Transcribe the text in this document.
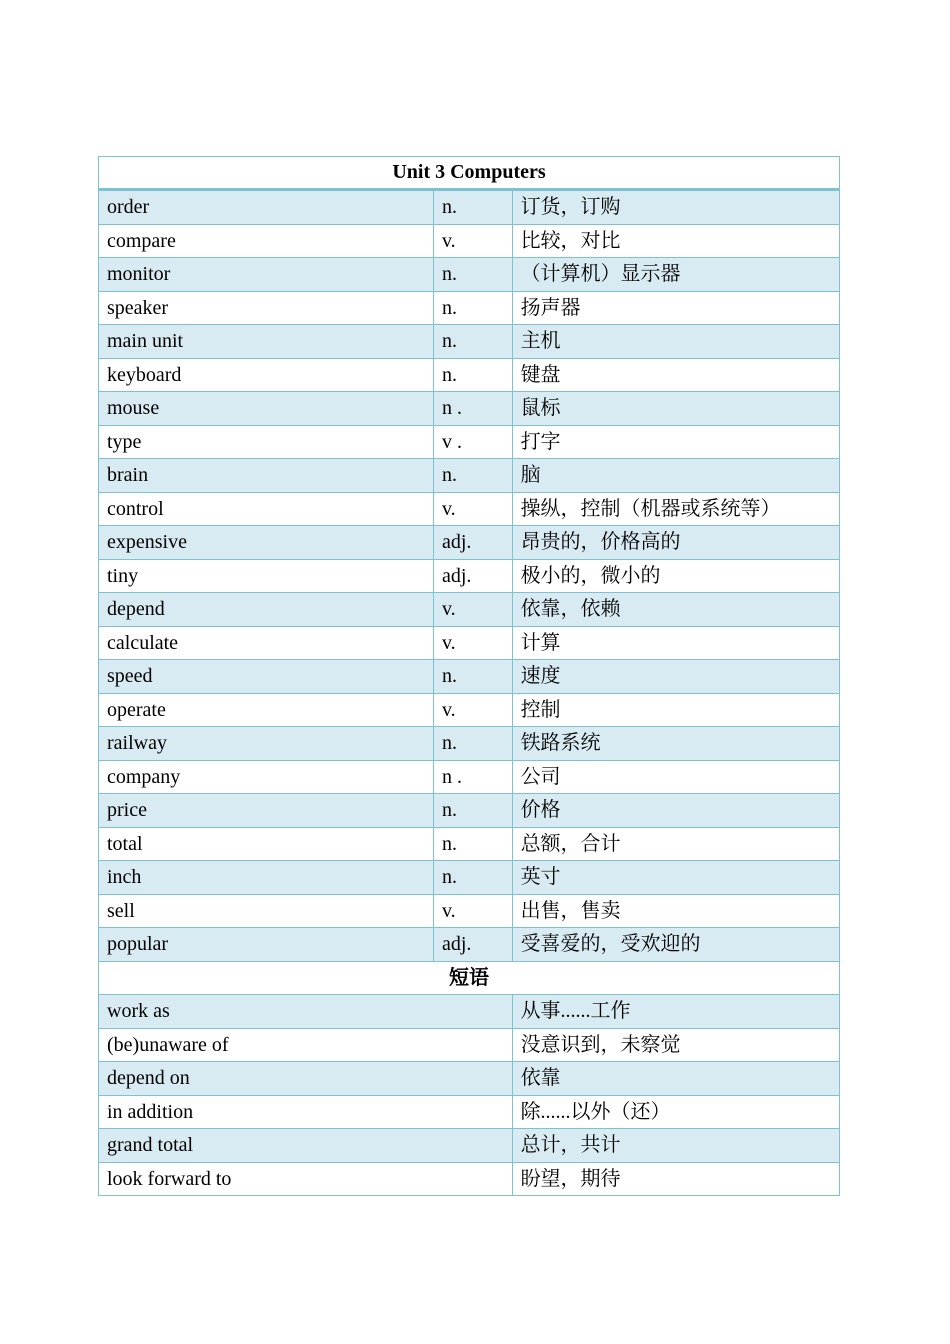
Unit 3 Computers		
order	n.	订货，订购
compare	v.	比较，对比
monitor	n.	（计算机）显示器
speaker	n.	扬声器
main unit	n.	主机
keyboard	n.	键盘
mouse	n .	鼠标
type	v .	打字
brain	n.	脑
control	v.	操纵，控制（机器或系统等）
expensive	adj.	昂贵的，价格高的
tiny	adj.	极小的，微小的
depend	v.	依靠，依赖
calculate	v.	计算
speed	n.	速度
operate	v.	控制
railway	n.	铁路系统
company	n .	公司
price	n.	价格
total	n.	总额，合计
inch	n.	英寸
sell	v.	出售，售卖
popular	adj.	受喜爱的，受欢迎的
短语		
work as		从事......工作
(be)unaware of		没意识到，未察觉
depend on		依靠
in addition		除......以外（还）
grand total		总计，共计
look forward to		盼望，期待
